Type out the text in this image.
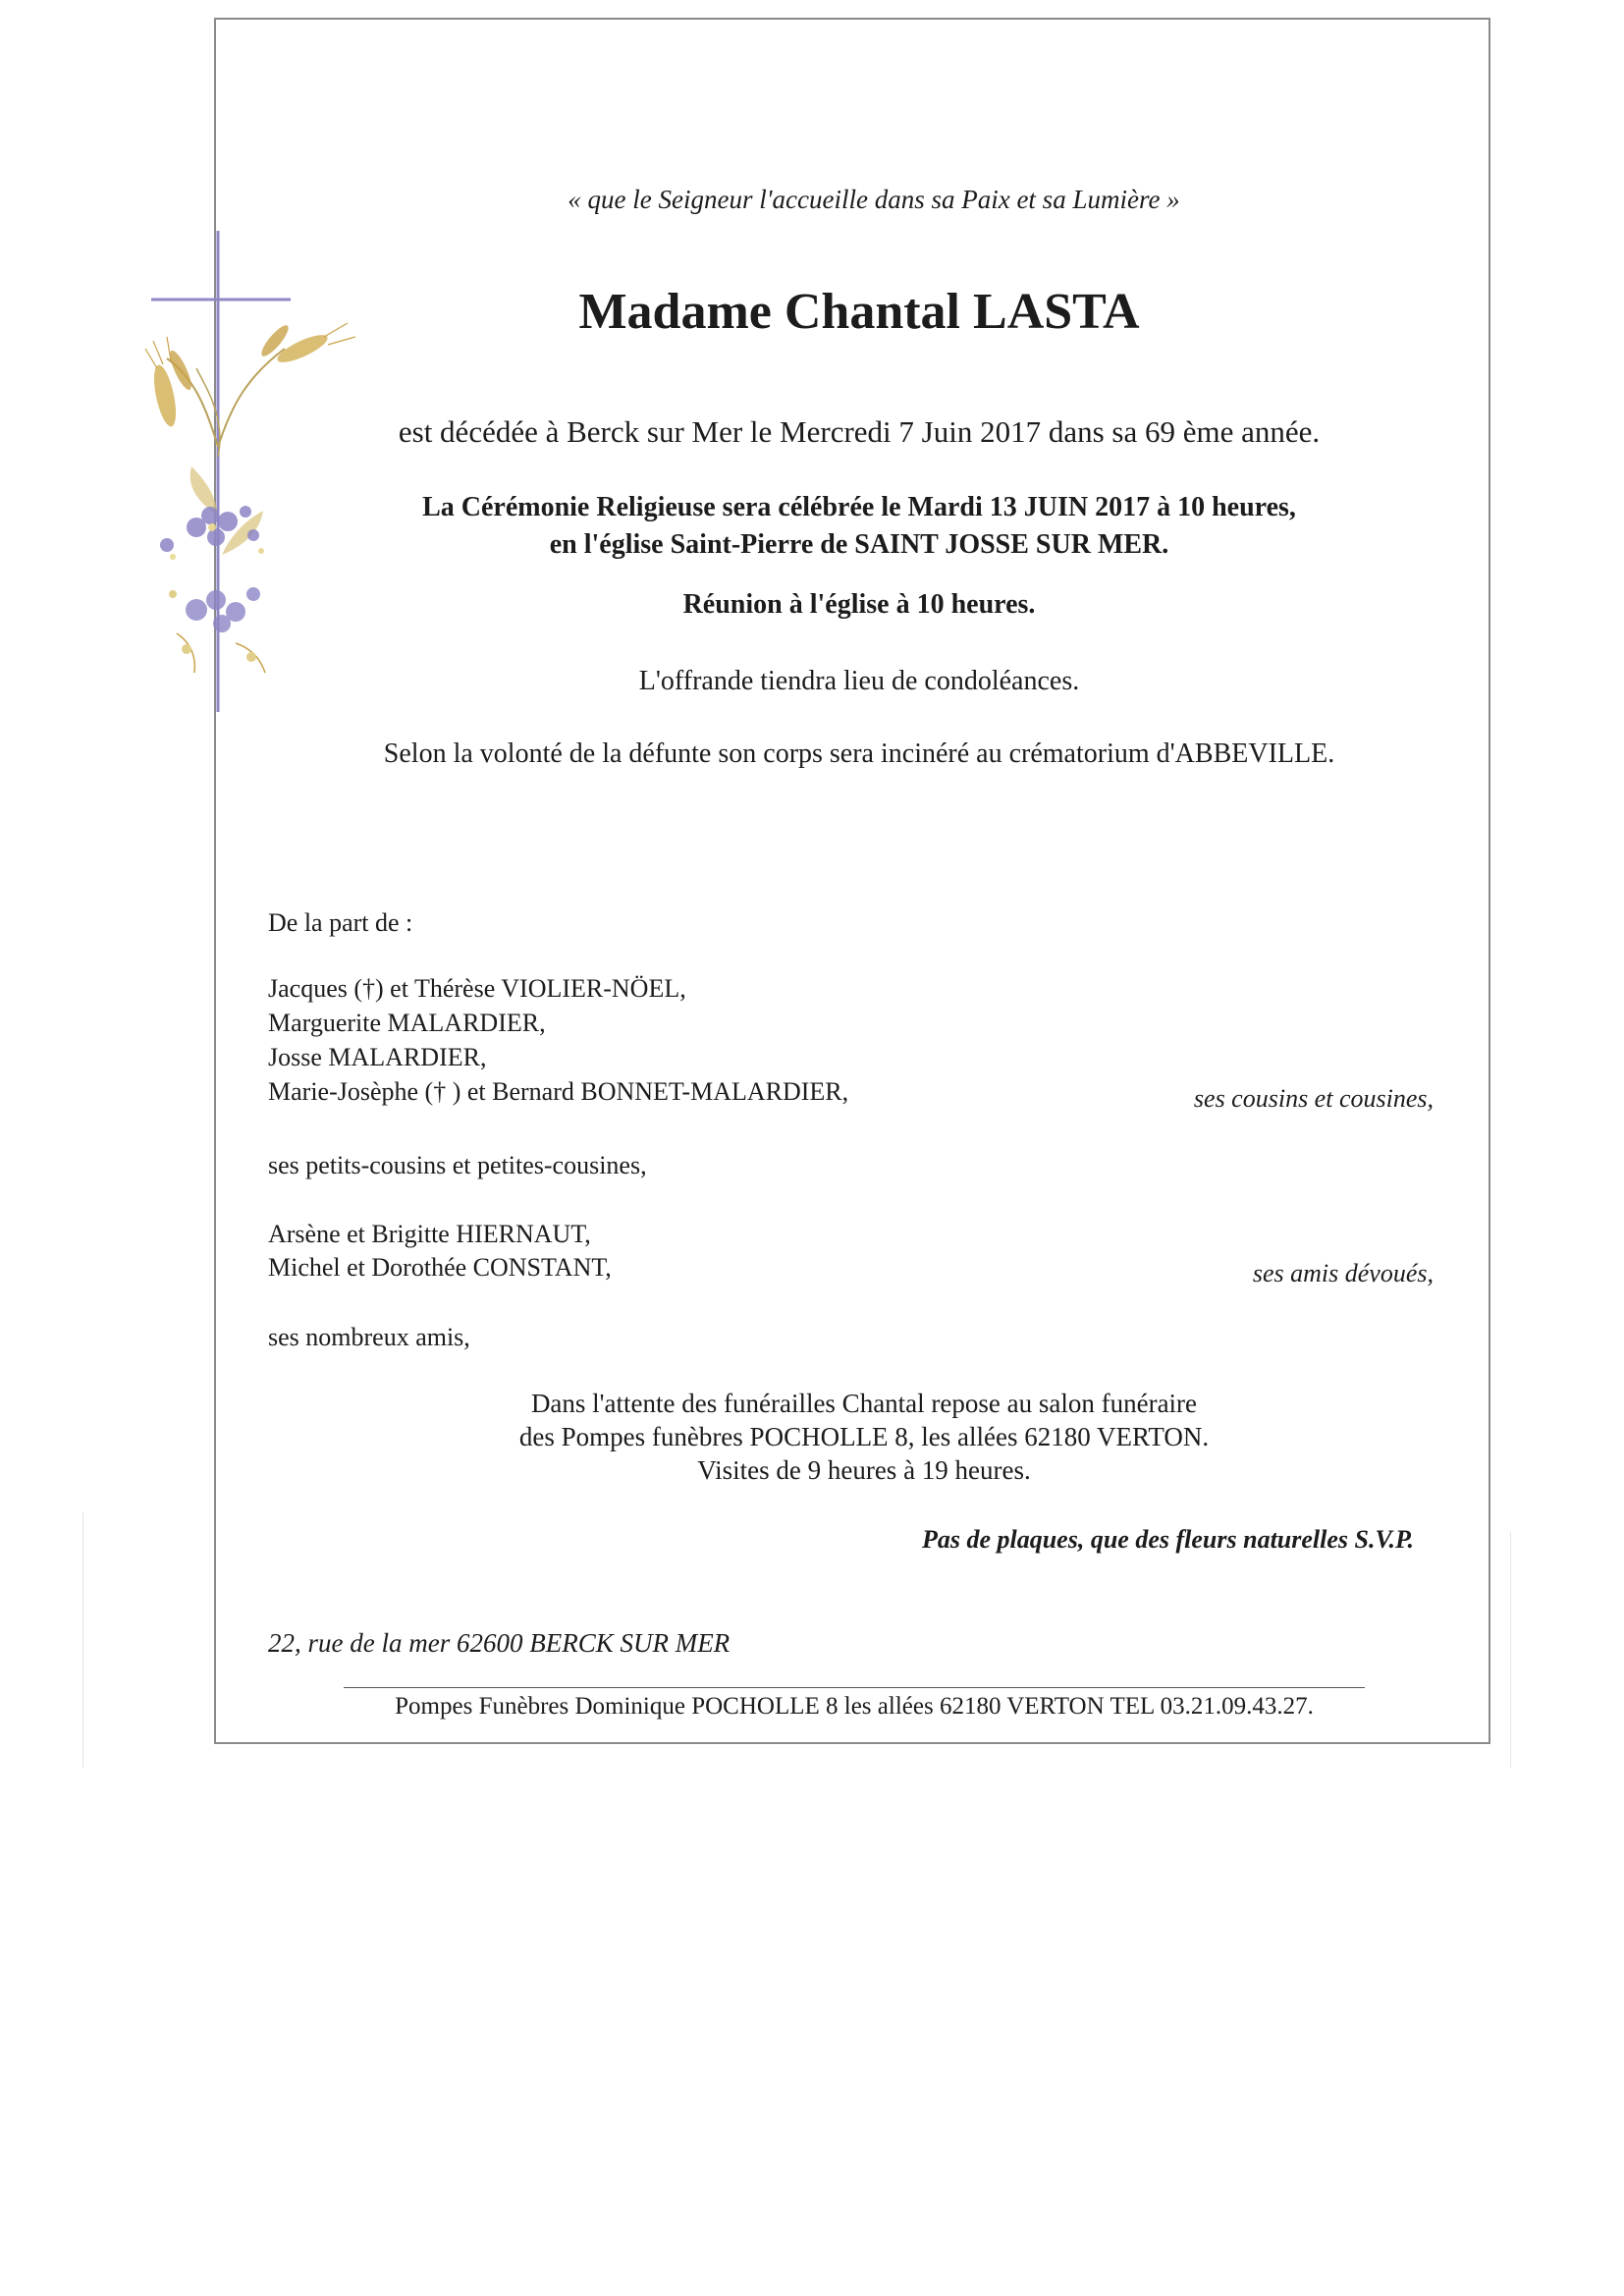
« que le Seigneur l'accueille dans sa Paix et sa Lumière »
Madame Chantal LASTA
est décédée à Berck sur Mer le Mercredi 7 Juin 2017 dans sa 69 ème année.
La Cérémonie Religieuse sera célébrée le Mardi 13 JUIN 2017 à 10 heures,
en l'église Saint-Pierre de SAINT JOSSE SUR MER.
Réunion à l'église à 10 heures.
L'offrande tiendra lieu de condoléances.
Selon la volonté de la défunte son corps sera incinéré au crématorium d'ABBEVILLE.
De la part de :
Jacques (†) et Thérèse VIOLIER-NÖEL,
Marguerite MALARDIER,
Josse MALARDIER,
Marie-Josèphe († ) et Bernard BONNET-MALARDIER,	ses cousins et cousines,
ses petits-cousins et petites-cousines,
Arsène et Brigitte HIERNAUT,
Michel et Dorothée CONSTANT,	ses amis dévoués,
ses nombreux amis,
Dans l'attente des funérailles Chantal repose au salon funéraire
des Pompes funèbres POCHOLLE 8, les allées 62180 VERTON.
Visites de 9 heures à 19 heures.
Pas de plaques, que des fleurs naturelles S.V.P.
22, rue de la mer 62600 BERCK SUR MER
Pompes Funèbres Dominique POCHOLLE 8 les allées 62180 VERTON TEL 03.21.09.43.27.
